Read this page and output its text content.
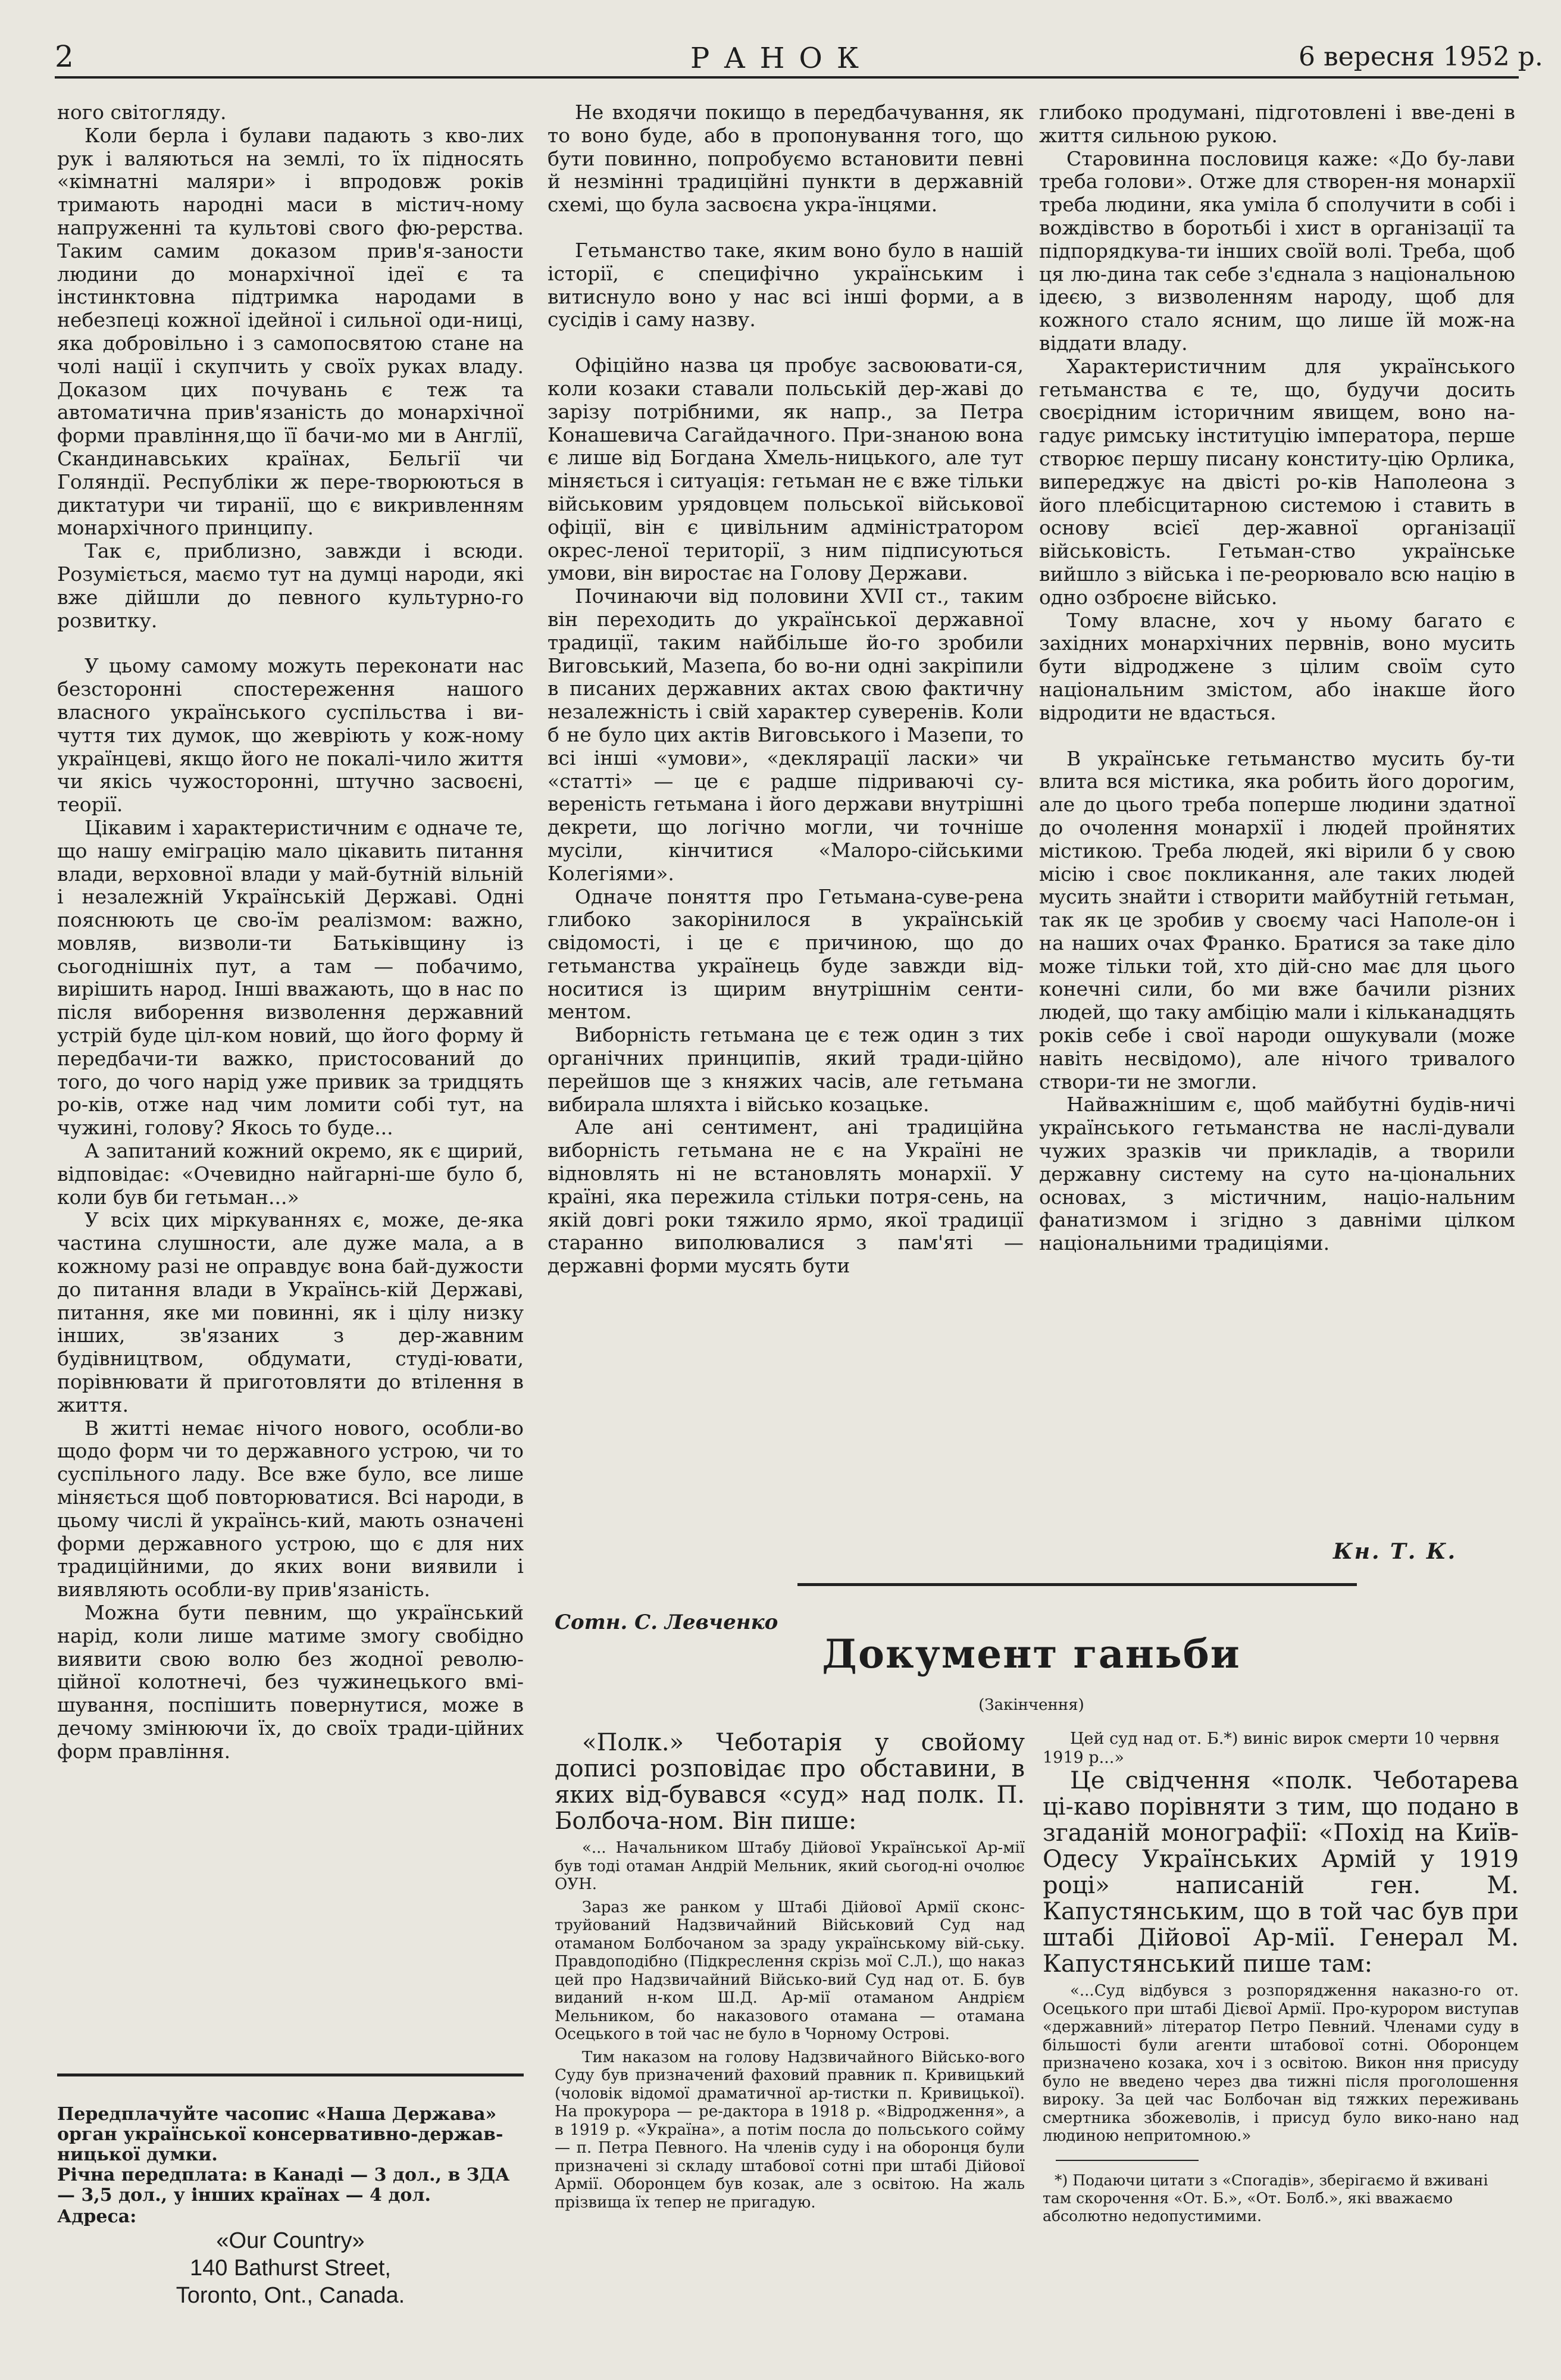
2	РАНОК	6 вересня 1952 р.

ного світогляду.

Коли берла і булави падають з кво-лих рук і валяються на землі, то їх підносять «кімнатні маляри» і впродовж років тримають народні маси в містич-ному напруженні та культові свого фю-рерства. Таким самим доказом прив'я-заности людини до монархічної ідеї є та інстинктовна підтримка народами в небезпеці кожної ідейної і сильної оди-ниці, яка добровільно і з самопосвятою стане на чолі нації і скупчить у своїх руках владу. Доказом цих почувань є теж та автоматична прив'язаність до монархічної форми правління,що її бачи-мо ми в Англії, Скандинавських країнах, Бельгії чи Голяндії. Республіки ж пере-творюються в диктатури чи тиранії, що є викривленням монархічного принципу.

Так є, приблизно, завжди і всюди. Розуміється, маємо тут на думці народи, які вже дійшли до певного культурно-го розвитку.

У цьому самому можуть переконати нас безсторонні спостереження нашого власного українського суспільства і ви-чуття тих думок, що жевріють у кож-ному українцеві, якщо його не покалі-чило життя чи якісь чужосторонні, штучно засвоєні, теорії.

Цікавим і характеристичним є одначе те, що нашу еміграцію мало цікавить питання влади, верховної влади у май-бутній вільній і незалежній Українській Державі. Одні пояснюють це сво-їм реалізмом: важно, мовляв, визволи-ти Батьківщину із сьогоднішніх пут, а там — побачимо, вирішить народ. Інші вважають, що в нас по після виборення визволення державний устрій буде ціл-ком новий, що його форму й передбачи-ти важко, пристосований до того, до чого нарід уже привик за тридцять ро-ків, отже над чим ломити собі тут, на чужині, голову? Якось то буде...

А запитаний кожний окремо, як є щирий, відповідає: «Очевидно найгарні-ше було б, коли був би гетьман...»

У всіх цих міркуваннях є, може, де-яка частина слушности, але дуже мала, а в кожному разі не оправдує вона бай-дужости до питання влади в Українсь-кій Державі, питання, яке ми повинні, як і цілу низку інших, зв'язаних з дер-жавним будівництвом, обдумати, студі-ювати, порівнювати й приготовляти до втілення в життя.

В житті немає нічого нового, особли-во щодо форм чи то державного устрою, чи то суспільного ладу. Все вже було, все лише міняється щоб повторюватися. Всі народи, в цьому числі й українсь-кий, мають означені форми державного устрою, що є для них традиційними, до яких вони виявили і виявляють особли-ву прив'язаність.

Можна бути певним, що український нарід, коли лише матиме змогу свобідно виявити свою волю без жодної револю-ційної колотнечі, без чужинецького вмі-шування, поспішить повернутися, може в дечому змінюючи їх, до своїх тради-ційних форм правління.

Не входячи покищо в передбачування, як то воно буде, або в пропонування того, що бути повинно, попробуємо встановити певні й незмінні традиційні пункти в державній схемі, що була засвоєна укра-їнцями.

Гетьманство таке, яким воно було в нашій історії, є специфічно українським і витиснуло воно у нас всі інші форми, а в сусідів і саму назву.

Офіційно назва ця пробує засвоювати-ся, коли козаки ставали польській дер-жаві до зарізу потрібними, як напр., за Петра Конашевича Сагайдачного. При-знаною вона є лише від Богдана Хмель-ницького, але тут міняється і ситуація: гетьман не є вже тільки військовим урядовцем польської військової офіції, він є цивільним адміністратором окрес-леної території, з ним підписуються умови, він виростає на Голову Держави.

Починаючи від половини XVII ст., таким він переходить до української державної традиції, таким найбільше йо-го зробили Виговський, Мазепа, бо во-ни одні закріпили в писаних державних актах свою фактичну незалежність і свій характер суверенів. Коли б не було цих актів Виговського і Мазепи, то всі інші «умови», «деклярації ласки» чи «статті» — це є радше підриваючі су-вереність гетьмана і його держави внутрішні декрети, що логічно могли, чи точніше мусіли, кінчитися «Малоро-сійськими Колегіями».

Одначе поняття про Гетьмана-суве-рена глибоко закорінилося в українській свідомості, і це є причиною, що до гетьманства українець буде завжди від-носитися із щирим внутрішнім сенти-ментом.

Виборність гетьмана це є теж один з тих органічних принципів, який тради-ційно перейшов ще з княжих часів, але гетьмана вибирала шляхта і військо козацьке.

Але ані сентимент, ані традиційна виборність гетьмана не є на Україні не відновлять ні не встановлять монархії. У країні, яка пережила стільки потря-сень, на якій довгі роки тяжило ярмо, якої традиції старанно виполювалися з пам'яті — державні форми мусять бути

глибоко продумані, підготовлені і вве-дені в життя сильною рукою.

Старовинна пословиця каже: «До бу-лави треба голови». Отже для створен-ня монархії треба людини, яка уміла б сполучити в собі і вождівство в боротьбі і хист в організації та підпорядкува-ти інших своїй волі. Треба, щоб ця лю-дина так себе з'єднала з національною ідеєю, з визволенням народу, щоб для кожного стало ясним, що лише їй мож-на віддати владу.

Характеристичним для українського гетьманства є те, що, будучи досить своєрідним історичним явищем, воно на-гадує римську інституцію імператора, перше створює першу писану конститу-цію Орлика, випереджує на двісті ро-ків Наполеона з його плебісцитарною системою і ставить в основу всієї дер-жавної організації військовість. Гетьман-ство українське вийшло з війська і пе-реорювало всю націю в одно озброєне військо.

Тому власне, хоч у ньому багато є західних монархічних первнів, воно мусить бути відроджене з цілим своїм суто національним змістом, або інакше його відродити не вдасться.

В українське гетьманство мусить бу-ти влита вся містика, яка робить його дорогим, але до цього треба поперше людини здатної до очолення монархії і людей пройнятих містикою. Треба людей, які вірили б у свою місію і своє покликання, але таких людей мусить знайти і створити майбутній гетьман, так як це зробив у своєму часі Наполе-он і на наших очах Франко. Братися за таке діло може тільки той, хто дій-сно має для цього конечні сили, бо ми вже бачили різних людей, що таку амбіцію мали і кільканадцять років себе і свої народи ошукували (може навіть несвідомо), але нічого тривалого створи-ти не змогли.

Найважнішим є, щоб майбутні будів-ничі українського гетьманства не наслі-дували чужих зразків чи прикладів, а творили державну систему на суто на-ціональних основах, з містичним, націо-нальним фанатизмом і згідно з давніми цілком національними традиціями.

Кн. Т. К.

Передплачуйте часопис «Наша Держава» орган української консервативно-держав-ницької думки.

Річна передплата: в Канаді — 3 дол., в ЗДА — 3,5 дол., у інших країнах — 4 дол.

Адреса:

«Our Country»
140 Bathurst Street,
Toronto, Ont., Canada.
Сотн. С. Левченко
Документ ганьби
(Закінчення)

«Полк.» Чеботарія у свойому дописі розповідає про обставини, в яких від-бувався «суд» над полк. П. Болбоча-ном. Він пише:

«... Начальником Штабу Дійової Української Ар-мії був тоді отаман Андрій Мельник, який сьогод-ні очолює ОУН.

Зараз же ранком у Штабі Дійової Армії сконс-труйований Надзвичайний Військовий Суд над отаманом Болбочаном за зраду українському вій-ську. Правдоподібно (Підкреслення скрізь мої С.Л.), що наказ цей про Надзвичайний Військо-вий Суд над от. Б. був виданий н-ком Ш.Д. Ар-мії отаманом Андрієм Мельником, бо наказового отамана — отамана Осецького в той час не було в Чорному Острові.

Тим наказом на голову Надзвичайного Військо-вого Суду був призначений фаховий правник п. Кривицький (чоловік відомої драматичної ар-тистки п. Кривицької). На прокурора — ре-дактора в 1918 р. «Відродження», а в 1919 р. «Україна», а потім посла до польського сойму — п. Петра Певного. На членів суду і на оборонця були призначені зі складу штабової сотні при штабі Дійової Армії. Оборонцем був козак, але з освітою. На жаль прізвища їх тепер не пригадую.

Цей суд над от. Б.*) виніс вирок смерти 10 червня 1919 р...»

Це свідчення «полк. Чеботарева ці-каво порівняти з тим, що подано в згаданій монографії: «Похід на Київ-Одесу Українських Армій у 1919 році» написаній ген. М. Капустянським, що в той час був при штабі Дійової Ар-мії. Генерал М. Капустянський пише там:

«...Суд відбувся з розпорядження наказно-го от. Осецького при штабі Дієвої Армії. Про-курором виступав «державний» літератор Петро Певний. Членами суду в більшості були агенти штабової сотні. Оборонцем призначено козака, хоч і з освітою. Викон ння присуду було не введено через два тижні після проголошення вироку. За цей час Болбочан від тяжких переживань смертника збожеволів, і присуд було вико-нано над людиною непритомною.»

*) Подаючи цитати з «Спогадів», зберігаємо й вживані там скорочення «От. Б.», «От. Болб.», які вважаємо абсолютно недопустимими.
